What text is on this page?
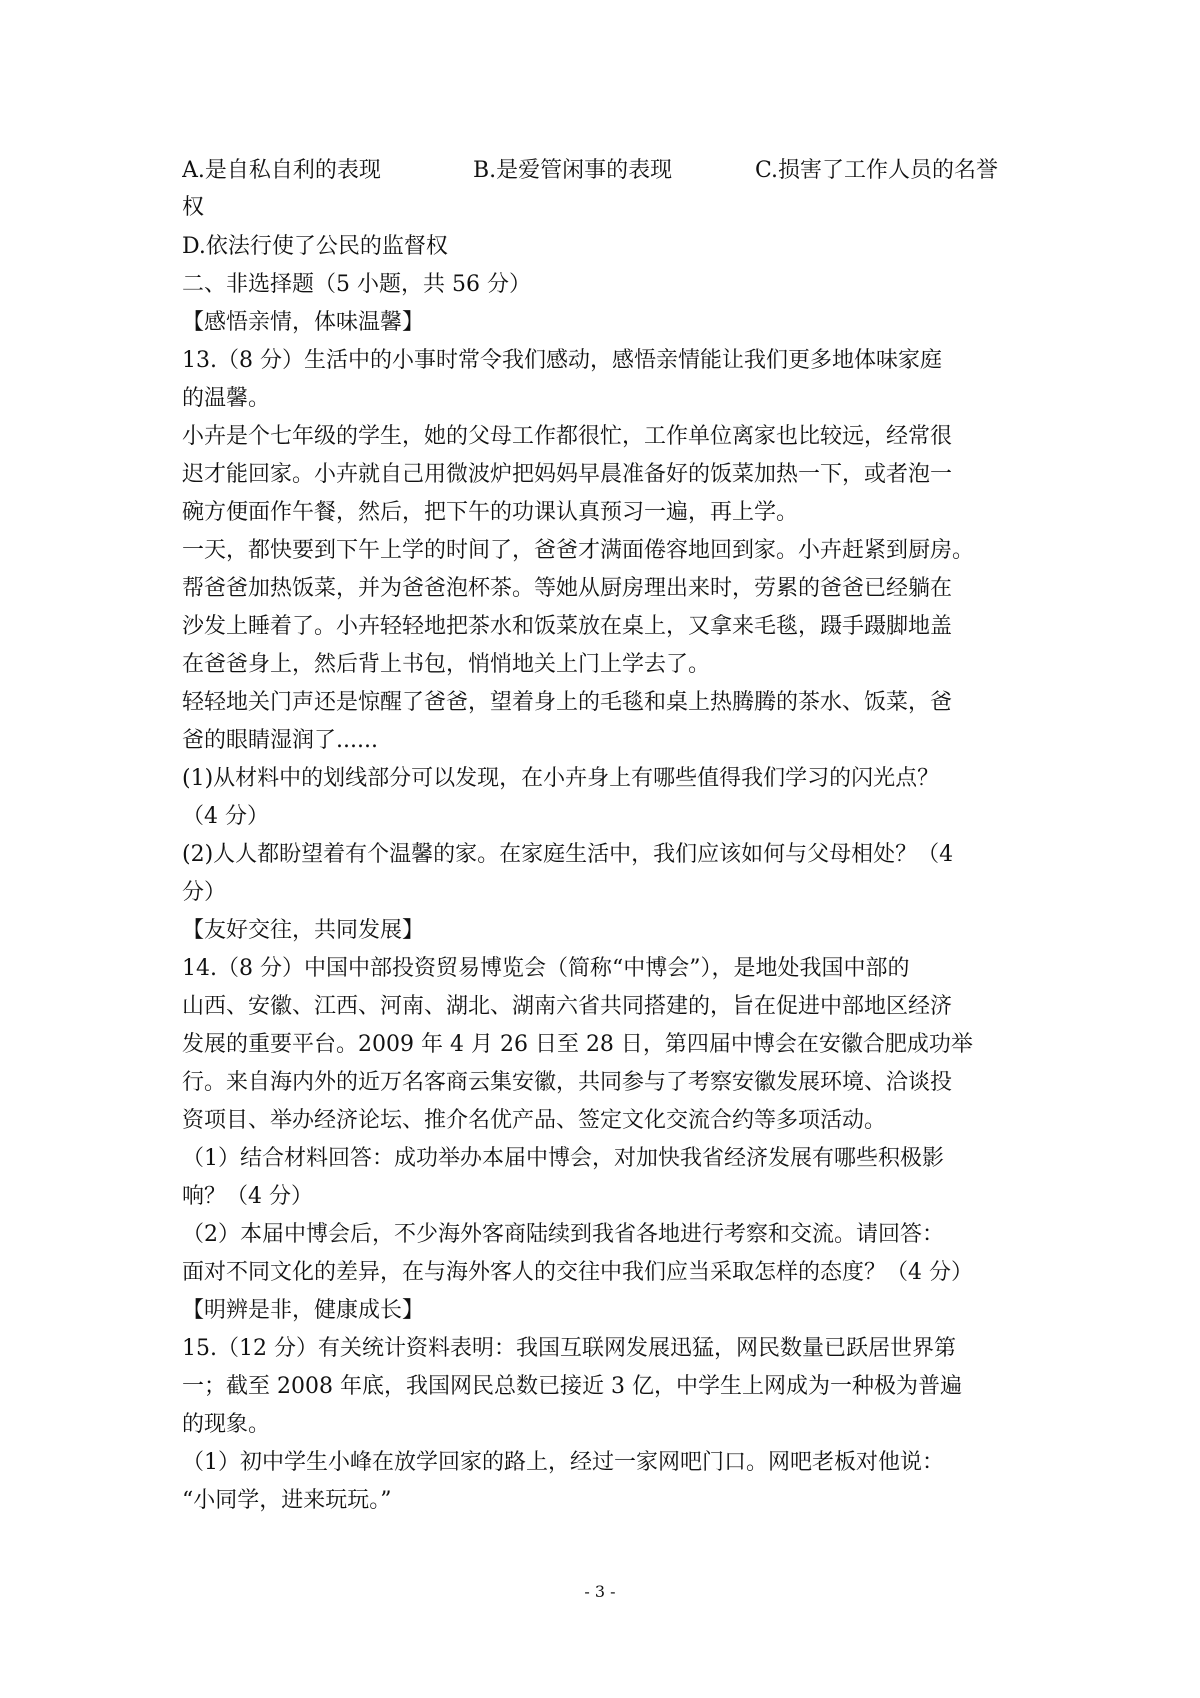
A.是自私自利的表现	B.是爱管闲事的表现	C.损害了工作人员的名誉
权
D.依法行使了公民的监督权
二、非选择题（5 小题，共 56 分）
【感悟亲情，体味温馨】
13.（8 分）生活中的小事时常令我们感动，感悟亲情能让我们更多地体味家庭
的温馨。
小卉是个七年级的学生，她的父母工作都很忙，工作单位离家也比较远，经常很
迟才能回家。小卉就自己用微波炉把妈妈早晨准备好的饭菜加热一下，或者泡一
碗方便面作午餐，然后，把下午的功课认真预习一遍，再上学。
一天，都快要到下午上学的时间了，爸爸才满面倦容地回到家。小卉赶紧到厨房。
帮爸爸加热饭菜，并为爸爸泡杯茶。等她从厨房理出来时，劳累的爸爸已经躺在
沙发上睡着了。小卉轻轻地把茶水和饭菜放在桌上，又拿来毛毯，蹑手蹑脚地盖
在爸爸身上，然后背上书包，悄悄地关上门上学去了。
轻轻地关门声还是惊醒了爸爸，望着身上的毛毯和桌上热腾腾的茶水、饭菜，爸
爸的眼睛湿润了......
(1)从材料中的划线部分可以发现，在小卉身上有哪些值得我们学习的闪光点？
（4 分）
(2)人人都盼望着有个温馨的家。在家庭生活中，我们应该如何与父母相处？（4
分）
【友好交往，共同发展】
14.（8 分）中国中部投资贸易博览会（简称“中博会”），是地处我国中部的
山西、安徽、江西、河南、湖北、湖南六省共同搭建的，旨在促进中部地区经济
发展的重要平台。2009 年 4 月 26 日至 28 日，第四届中博会在安徽合肥成功举
行。来自海内外的近万名客商云集安徽，共同参与了考察安徽发展环境、洽谈投
资项目、举办经济论坛、推介名优产品、签定文化交流合约等多项活动。
（1）结合材料回答：成功举办本届中博会，对加快我省经济发展有哪些积极影
响？（4 分）
（2）本届中博会后，不少海外客商陆续到我省各地进行考察和交流。请回答：
面对不同文化的差异，在与海外客人的交往中我们应当采取怎样的态度？（4 分）
【明辨是非，健康成长】
15.（12 分）有关统计资料表明：我国互联网发展迅猛，网民数量已跃居世界第
一；截至 2008 年底，我国网民总数已接近 3 亿，中学生上网成为一种极为普遍
的现象。
（1）初中学生小峰在放学回家的路上，经过一家网吧门口。网吧老板对他说：
“小同学，进来玩玩。”
- 3 -
